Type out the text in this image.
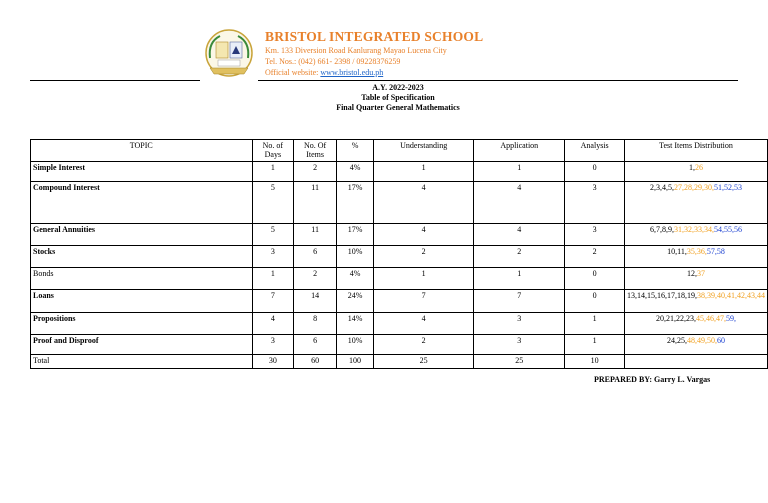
BRISTOL INTEGRATED SCHOOL
Km. 133 Diversion Road Kanlurang Mayao Lucena City
Tel. Nos.: (042) 661- 2398 / 09228376259
Official website: www.bristol.edu.ph
A.Y. 2022-2023
Table of Specification
Final Quarter General Mathematics
TOPIC	No. of Days	No. Of Items	%	Understanding	Application	Analysis	Test Items Distribution
Simple Interest	1	2	4%	1	1	0	1,26
Compound Interest	5	11	17%	4	4	3	2,3,4,5,27,28,29,30,51,52,53
General Annuities	5	11	17%	4	4	3	6,7,8,9,31,32,33,34,54,55,56
Stocks	3	6	10%	2	2	2	10,11,35,36,57,58
Bonds	1	2	4%	1	1	0	12,37
Loans	7	14	24%	7	7	0	13,14,15,16,17,18,19,38,39,40,41,42,43,44
Propositions	4	8	14%	4	3	1	20,21,22,23,45,46,47,59,
Proof and Disproof	3	6	10%	2	3	1	24,25,48,49,50,60
Total	30	60	100	25	25	10	
PREPARED BY: Garry L. Vargas
